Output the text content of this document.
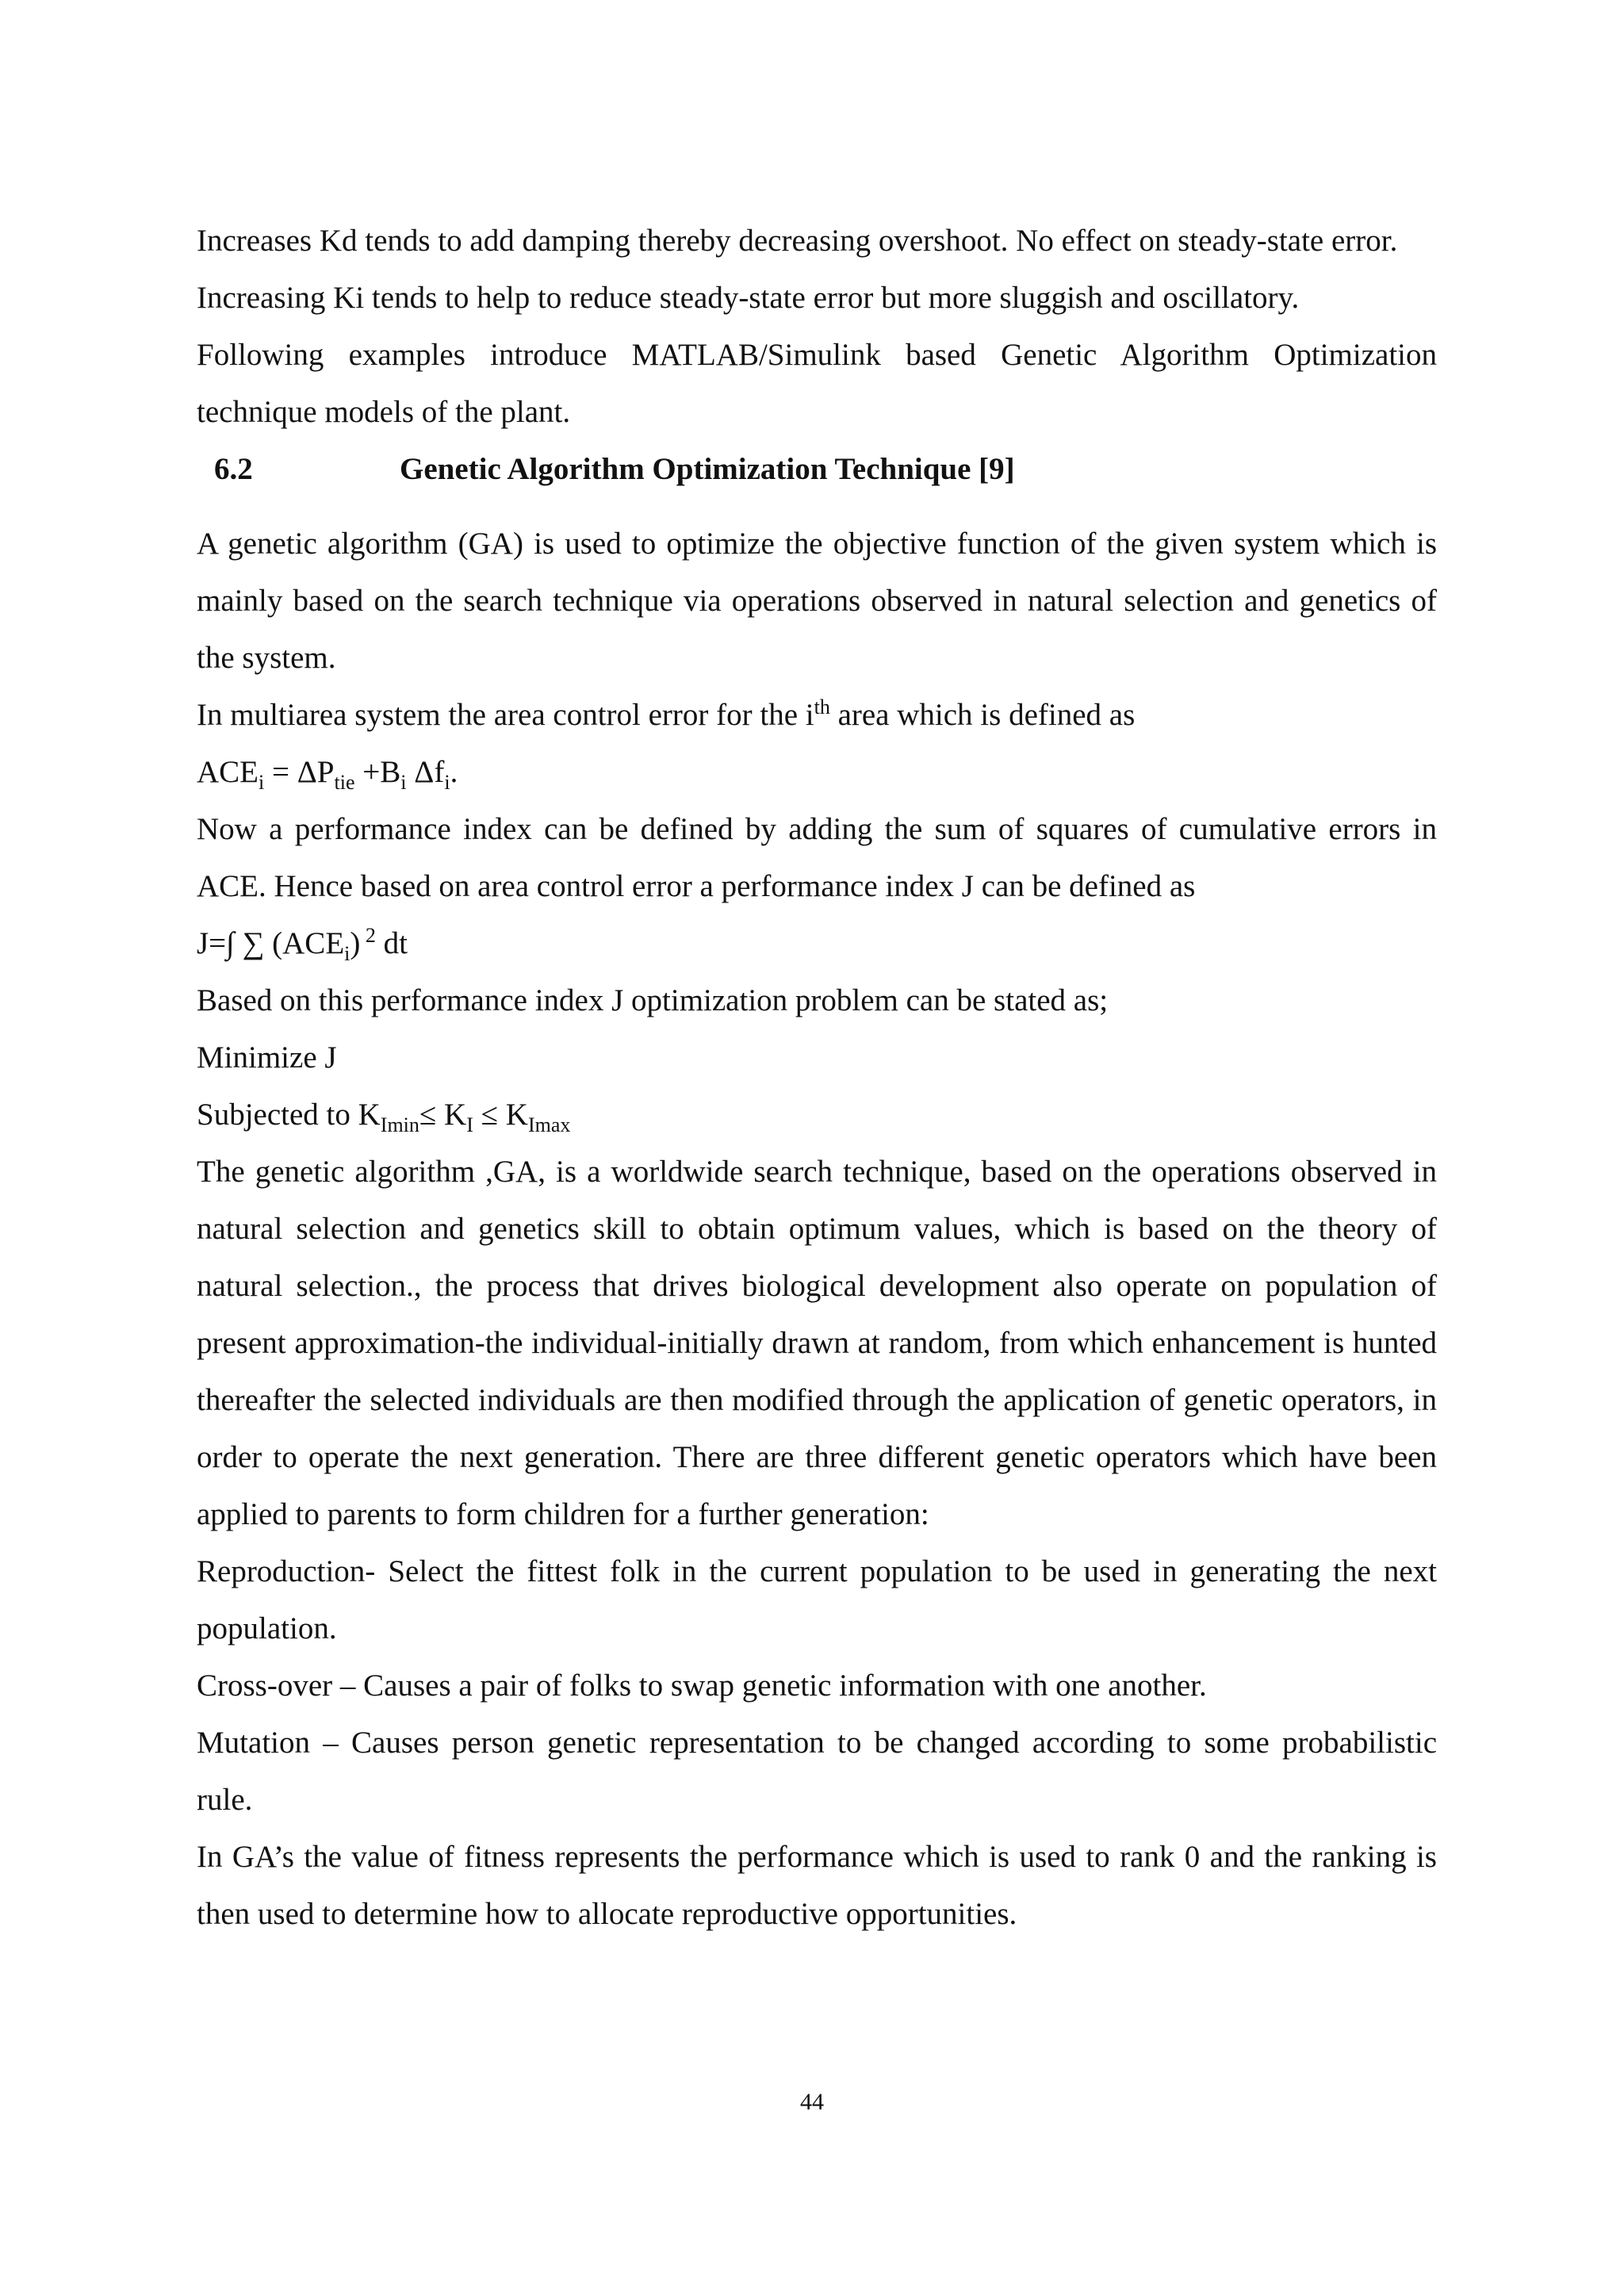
Increases Kd tends to add damping thereby decreasing overshoot. No effect on steady-state error.

Increasing Ki tends to help to reduce steady-state error but more sluggish and oscillatory.

Following examples introduce MATLAB/Simulink based Genetic Algorithm Optimization technique models of the plant.

6.2	Genetic Algorithm Optimization Technique [9]

A genetic algorithm (GA) is used to optimize the objective function of the given system which is mainly based on the search technique via operations observed in natural selection and genetics of the system.

In multiarea system the area control error for the $i^{th}$ area which is defined as

$ACE_i = \Delta P_{tie} +B_i$ $\Delta f_i$.

Now a performance index can be defined by adding the sum of squares of cumulative errors in ACE. Hence based on area control error a performance index J can be defined as

J=∫ ∑ $(ACE_i)$ $^2$ dt

Based on this performance index J optimization problem can be stated as;

Minimize J

Subjected to $K_{Imin}\le K_I \le K_{Imax}$

The genetic algorithm ,GA, is a worldwide search technique, based on the operations observed in natural selection and genetics skill to obtain optimum values, which is based on the theory of natural selection., the process that drives biological development also operate on population of present approximation-the individual-initially drawn at random, from which enhancement is hunted thereafter the selected individuals are then modified through the application of genetic operators, in order to operate the next generation. There are three different genetic operators which have been applied to parents to form children for a further generation:

Reproduction- Select the fittest folk in the current population to be used in generating the next population.

Cross-over – Causes a pair of folks to swap genetic information with one another.

Mutation – Causes person genetic representation to be changed according to some probabilistic rule.

In GA’s the value of fitness represents the performance which is used to rank 0 and the ranking is then used to determine how to allocate reproductive opportunities.

44
